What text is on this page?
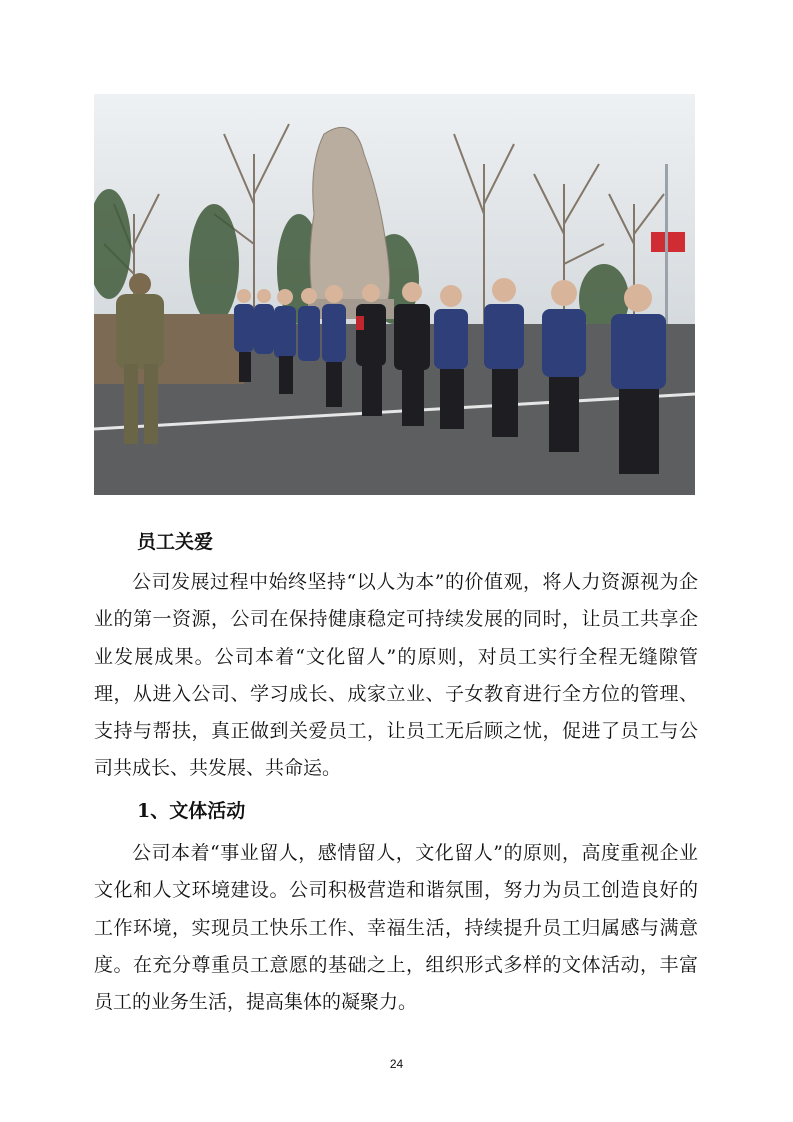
员工关爱

公司发展过程中始终坚持“以人为本”的价值观，将人力资源视为企业的第一资源，公司在保持健康稳定可持续发展的同时，让员工共享企业发展成果。公司本着“文化留人”的原则，对员工实行全程无缝隙管理，从进入公司、学习成长、成家立业、子女教育进行全方位的管理、支持与帮扶，真正做到关爱员工，让员工无后顾之忧，促进了员工与公司共成长、共发展、共命运。

1、文体活动

公司本着“事业留人，感情留人，文化留人”的原则，高度重视企业文化和人文环境建设。公司积极营造和谐氛围，努力为员工创造良好的工作环境，实现员工快乐工作、幸福生活，持续提升员工归属感与满意度。在充分尊重员工意愿的基础之上，组织形式多样的文体活动，丰富员工的业务生活，提高集体的凝聚力。

24
